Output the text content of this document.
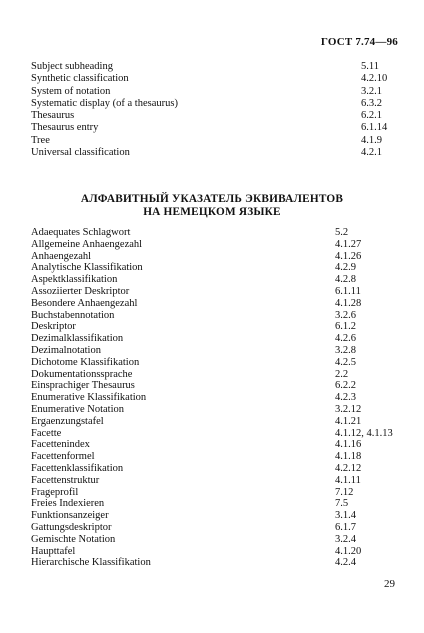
ГОСТ 7.74—96
Subject subheading	5.11
Synthetic classification	4.2.10
System of notation	3.2.1
Systematic display (of a thesaurus)	6.3.2
Thesaurus	6.2.1
Thesaurus entry	6.1.14
Tree	4.1.9
Universal classification	4.2.1
АЛФАВИТНЫЙ УКАЗАТЕЛЬ ЭКВИВАЛЕНТОВ
НА НЕМЕЦКОМ ЯЗЫКЕ
Adaequates Schlagwort	5.2
Allgemeine Anhaengezahl	4.1.27
Anhaengezahl	4.1.26
Analytische Klassifikation	4.2.9
Aspektklassifikation	4.2.8
Assoziierter Deskriptor	6.1.11
Besondere Anhaengezahl	4.1.28
Buchstabennotation	3.2.6
Deskriptor	6.1.2
Dezimalklassifikation	4.2.6
Dezimalnotation	3.2.8
Dichotome Klassifikation	4.2.5
Dokumentationssprache	2.2
Einsprachiger Thesaurus	6.2.2
Enumerative Klassifikation	4.2.3
Enumerative Notation	3.2.12
Ergaenzungstafel	4.1.21
Facette	4.1.12, 4.1.13
Facettenindex	4.1.16
Facettenformel	4.1.18
Facettenklassifikation	4.2.12
Facettenstruktur	4.1.11
Frageprofil	7.12
Freies Indexieren	7.5
Funktionsanzeiger	3.1.4
Gattungsdeskriptor	6.1.7
Gemischte Notation	3.2.4
Haupttafel	4.1.20
Hierarchische Klassifikation	4.2.4
29
